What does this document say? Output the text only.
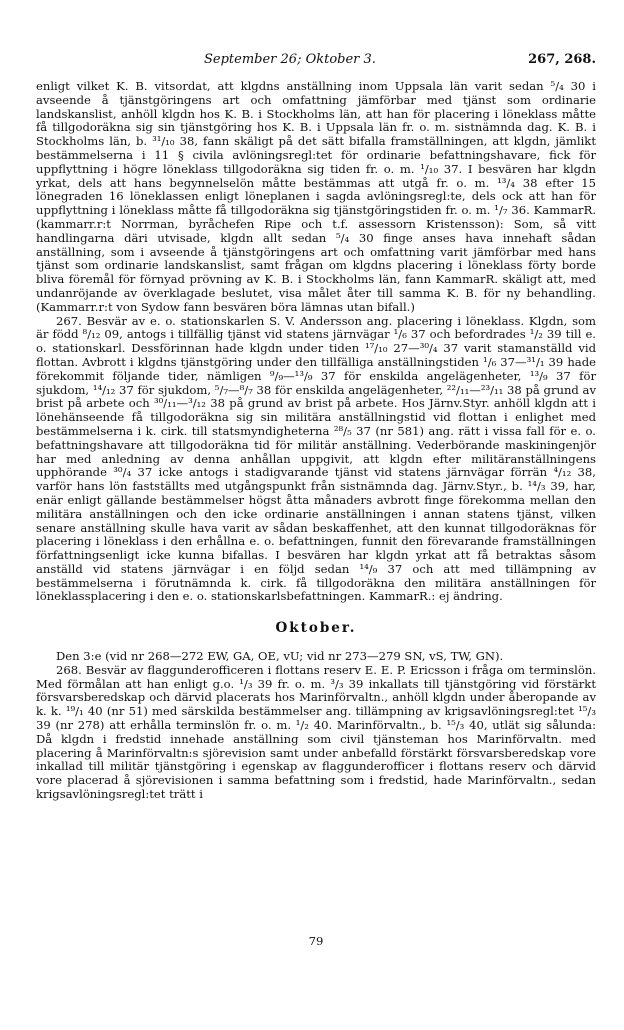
September 26; Oktober 3.	267, 268.

enligt vilket K. B. vitsordat, att klgdns anställning inom Uppsala län varit sedan ⁵/₄ 30 i avseende å tjänstgöringens art och omfattning jämförbar med tjänst som ordinarie landskanslist, anhöll klgdn hos K. B. i Stockholms län, att han för placering i löneklass måtte få tillgodoräkna sig sin tjänstgöring hos K. B. i Uppsala län fr. o. m. sistnämnda dag. K. B. i Stockholms län, b. ³¹/₁₀ 38, fann skäligt på det sätt bifalla framställningen, att klgdn, jämlikt bestämmelserna i 11 § civila avlöningsregl:tet för ordinarie befattningshavare, fick för uppflyttning i högre löneklass tillgodoräkna sig tiden fr. o. m. ¹/₁₀ 37. I besvären har klgdn yrkat, dels att hans begynnelselön måtte bestämmas att utgå fr. o. m. ¹³/₄ 38 efter 15 lönegraden 16 löneklassen enligt löneplanen i sagda avlöningsregl:te, dels ock att han för uppflyttning i löneklass måtte få tillgodoräkna sig tjänstgöringstiden fr. o. m. ¹/₇ 36. KammarR. (kammarr.r:t Norrman, byråchefen Ripe och t.f. assessorn Kristensson): Som, så vitt handlingarna däri utvisade, klgdn allt sedan ⁵/₄ 30 finge anses hava innehaft sådan anställning, som i avseende å tjänstgöringens art och omfattning varit jämförbar med hans tjänst som ordinarie landskanslist, samt frågan om klgdns placering i löneklass förty borde bliva föremål för förnyad prövning av K. B. i Stockholms län, fann KammarR. skäligt att, med undanröjande av överklagade beslutet, visa målet åter till samma K. B. för ny behandling. (Kammarr.r:t von Sydow fann besvären böra lämnas utan bifall.)

267. Besvär av e. o. stationskarlen S. V. Andersson ang. placering i löneklass. Klgdn, som är född ⁸/₁₂ 09, antogs i tillfällig tjänst vid statens järnvägar ¹/₆ 37 och befordrades ¹/₂ 39 till e. o. stationskarl. Dessförinnan hade klgdn under tiden ¹⁷/₁₀ 27—³⁰/₄ 37 varit stamanställd vid flottan. Avbrott i klgdns tjänstgöring under den tillfälliga anställningstiden ¹/₆ 37—³¹/₁ 39 hade förekommit följande tider, nämligen ⁹/₉—¹³/₉ 37 för enskilda angelägenheter, ¹³/₉ 37 för sjukdom, ¹⁴/₁₂ 37 för sjukdom, ⁵/₇—⁸/₇ 38 för enskilda angelägenheter, ²²/₁₁—²³/₁₁ 38 på grund av brist på arbete och ³⁰/₁₁—³/₁₂ 38 på grund av brist på arbete. Hos Järnv.Styr. anhöll klgdn att i lönehänseende få tillgodoräkna sig sin militära anställningstid vid flottan i enlighet med bestämmelserna i k. cirk. till statsmyndigheterna ²⁸/₅ 37 (nr 581) ang. rätt i vissa fall för e. o. befattningshavare att tillgodoräkna tid för militär anställning. Vederbörande maskiningenjör har med anledning av denna anhållan uppgivit, att klgdn efter militäranställningens upphörande ³⁰/₄ 37 icke antogs i stadigvarande tjänst vid statens järnvägar förrän ⁴/₁₂ 38, varför hans lön fastställts med utgångspunkt från sistnämnda dag. Järnv.Styr., b. ¹⁴/₃ 39, har, enär enligt gällande bestämmelser högst åtta månaders avbrott finge förekomma mellan den militära anställningen och den icke ordinarie anställningen i annan statens tjänst, vilken senare anställning skulle hava varit av sådan beskaffenhet, att den kunnat tillgodoräknas för placering i löneklass i den erhållna e. o. befattningen, funnit den förevarande framställningen författningsenligt icke kunna bifallas. I besvären har klgdn yrkat att få betraktas såsom anställd vid statens järnvägar i en följd sedan ¹⁴/₉ 37 och att med tillämpning av bestämmelserna i förutnämnda k. cirk. få tillgodoräkna den militära anställningen för löneklassplacering i den e. o. stationskarlsbefattningen. KammarR.: ej ändring.

Oktober.

Den 3:e (vid nr 268—272 EW, GA, OE, vU; vid nr 273—279 SN, vS, TW, GN).

268. Besvär av flaggunderofficeren i flottans reserv E. E. P. Ericsson i fråga om terminslön. Med förmålan att han enligt g.o. ¹/₃ 39 fr. o. m. ³/₃ 39 inkallats till tjänstgöring vid förstärkt försvarsberedskap och därvid placerats hos Marinförvaltn., anhöll klgdn under åberopande av k. k. ¹⁹/₁ 40 (nr 51) med särskilda bestämmelser ang. tillämpning av krigsavlöningsregl:tet ¹⁵/₃ 39 (nr 278) att erhålla terminslön fr. o. m. ¹/₂ 40. Marinförvaltn., b. ¹⁵/₃ 40, utlät sig sålunda: Då klgdn i fredstid innehade anställning som civil tjänsteman hos Marinförvaltn. med placering å Marinförvaltn:s sjörevision samt under anbefalld förstärkt försvarsberedskap vore inkallad till militär tjänstgöring i egenskap av flaggunderofficer i flottans reserv och därvid vore placerad å sjörevisionen i samma befattning som i fredstid, hade Marinförvaltn., sedan krigsavlöningsregl:tet trätt i

79
